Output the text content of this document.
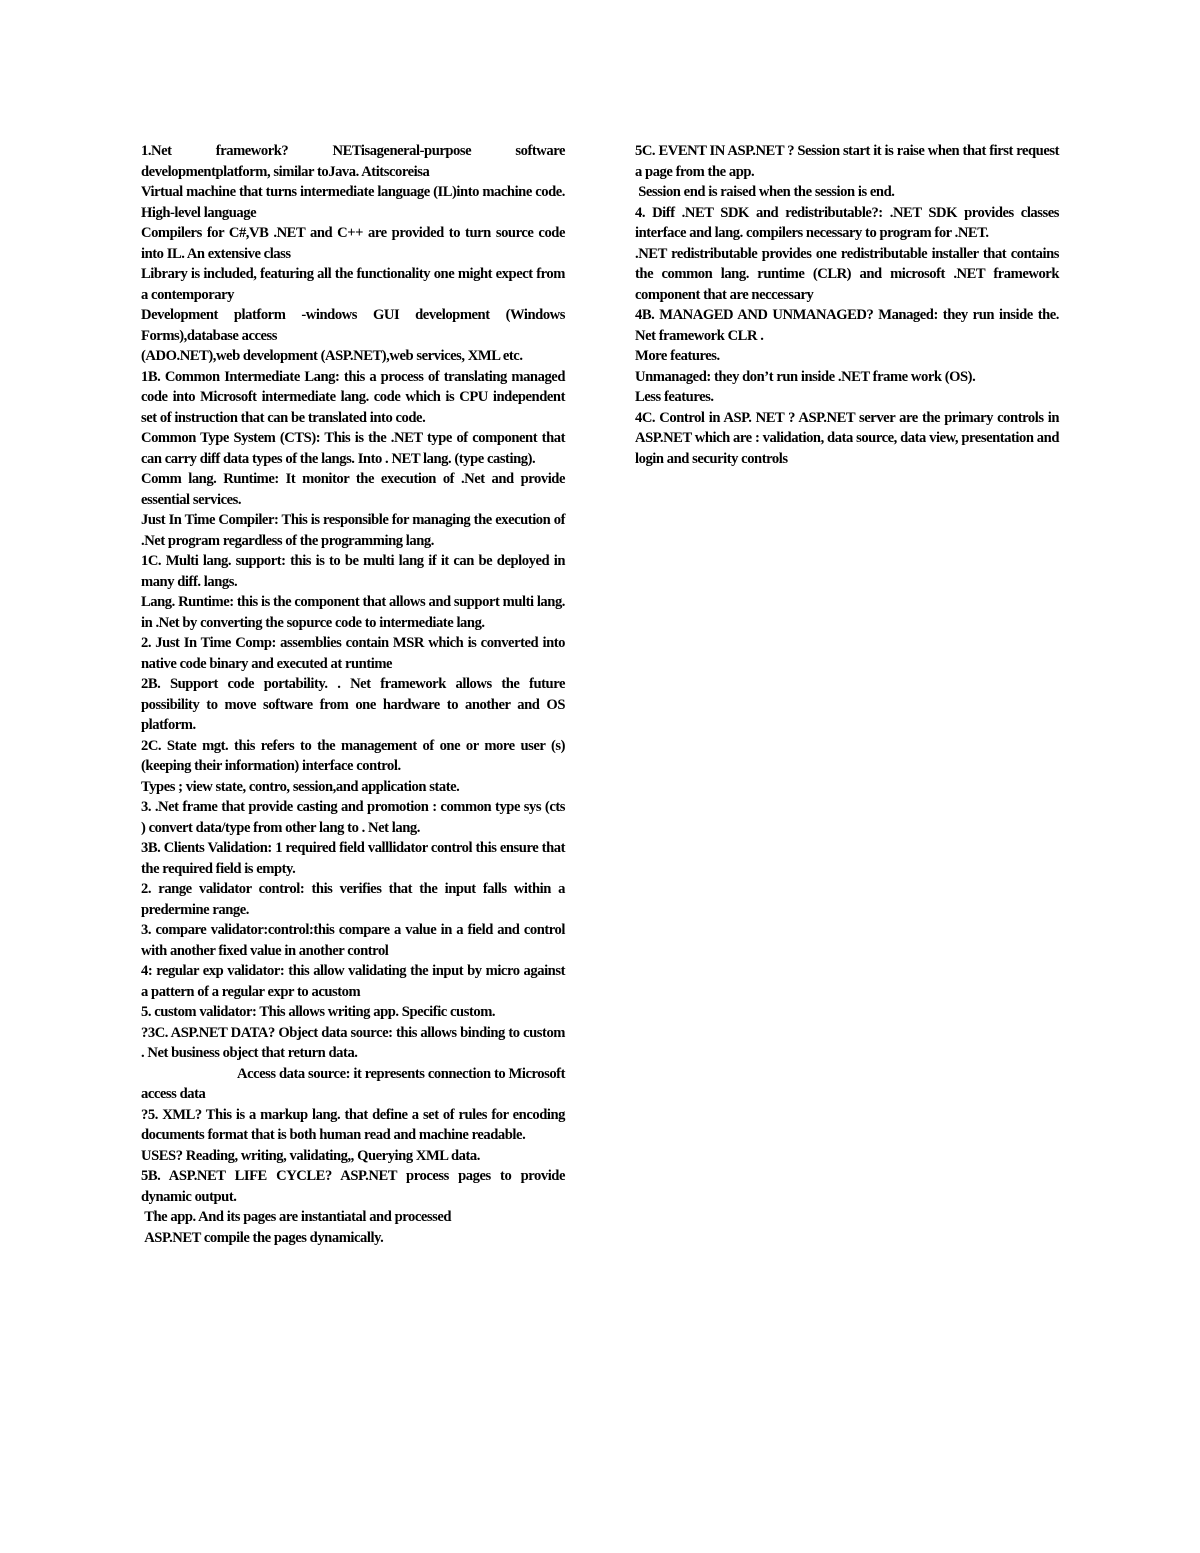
1.Net framework? NETisageneral-purpose software developmentplatform, similar toJava. Atitscoreisa

Virtual machine that turns intermediate language (IL)into machine code. High-level language

Compilers for C#,VB .NET and C++ are provided to turn source code into IL. An extensive class

Library is included, featuring all the functionality one might expect from a contemporary

Development platform -windows GUI development (Windows Forms),database access

(ADO.NET),web development (ASP.NET),web services, XML etc.

1B. Common Intermediate Lang: this a process of translating managed code into Microsoft intermediate lang. code which is CPU independent set of instruction that can be translated into code.

Common Type System (CTS): This is the .NET type of component that can carry diff data types of the langs. Into . NET lang. (type casting).

Comm lang. Runtime: It monitor the execution of .Net and provide essential services.

Just In Time Compiler: This is responsible for managing the execution of .Net program regardless of the programming lang.

1C. Multi lang. support: this is to be multi lang if it can be deployed in many diff. langs.

Lang. Runtime: this is the component that allows and support multi lang. in .Net by converting the sopurce code to intermediate lang.

2. Just In Time Comp: assemblies contain MSR which is converted into native code binary and executed at runtime

2B. Support code portability. . Net framework allows the future possibility to move software from one hardware to another and OS platform.

2C. State mgt. this refers to the management of one or more user (s) (keeping their information) interface control.

Types ; view state, contro, session,and application state.

3. .Net frame that provide casting and promotion : common type sys (cts ) convert data/type from other lang to . Net lang.

3B. Clients Validation: 1 required field valllidator control this ensure that the required field is empty.

2. range validator control: this verifies that the input falls within a predermine range.

3. compare validator:control:this compare a value in a field and control with another fixed value in another control

4: regular exp validator: this allow validating the input by micro against a pattern of a regular expr to acustom

5. custom validator: This allows writing app. Specific custom.

?3C. ASP.NET DATA? Object data source: this allows binding to custom . Net business object that return data.

Access data source: it represents connection to Microsoft access data

?5. XML? This is a markup lang. that define a set of rules for encoding documents format that is both human read and machine readable.

USES? Reading, writing, validating,, Querying XML data.

5B. ASP.NET LIFE CYCLE? ASP.NET process pages to provide dynamic output.

The app. And its pages are instantiatal and processed

ASP.NET compile the pages dynamically.

5C. EVENT IN ASP.NET ? Session start it is raise when that first request a page from the app.

Session end is raised when the session is end.

4. Diff .NET SDK and redistributable?: .NET SDK provides classes interface and lang. compilers necessary to program for .NET.

.NET redistributable provides one redistributable installer that contains the common lang. runtime (CLR) and microsoft .NET framework component that are neccessary

4B. MANAGED AND UNMANAGED? Managed: they run inside the. Net framework CLR .

More features.

Unmanaged: they don’t run inside .NET frame work (OS).

Less features.

4C. Control in ASP. NET ? ASP.NET server are the primary controls in ASP.NET which are : validation, data source, data view, presentation and login and security controls
